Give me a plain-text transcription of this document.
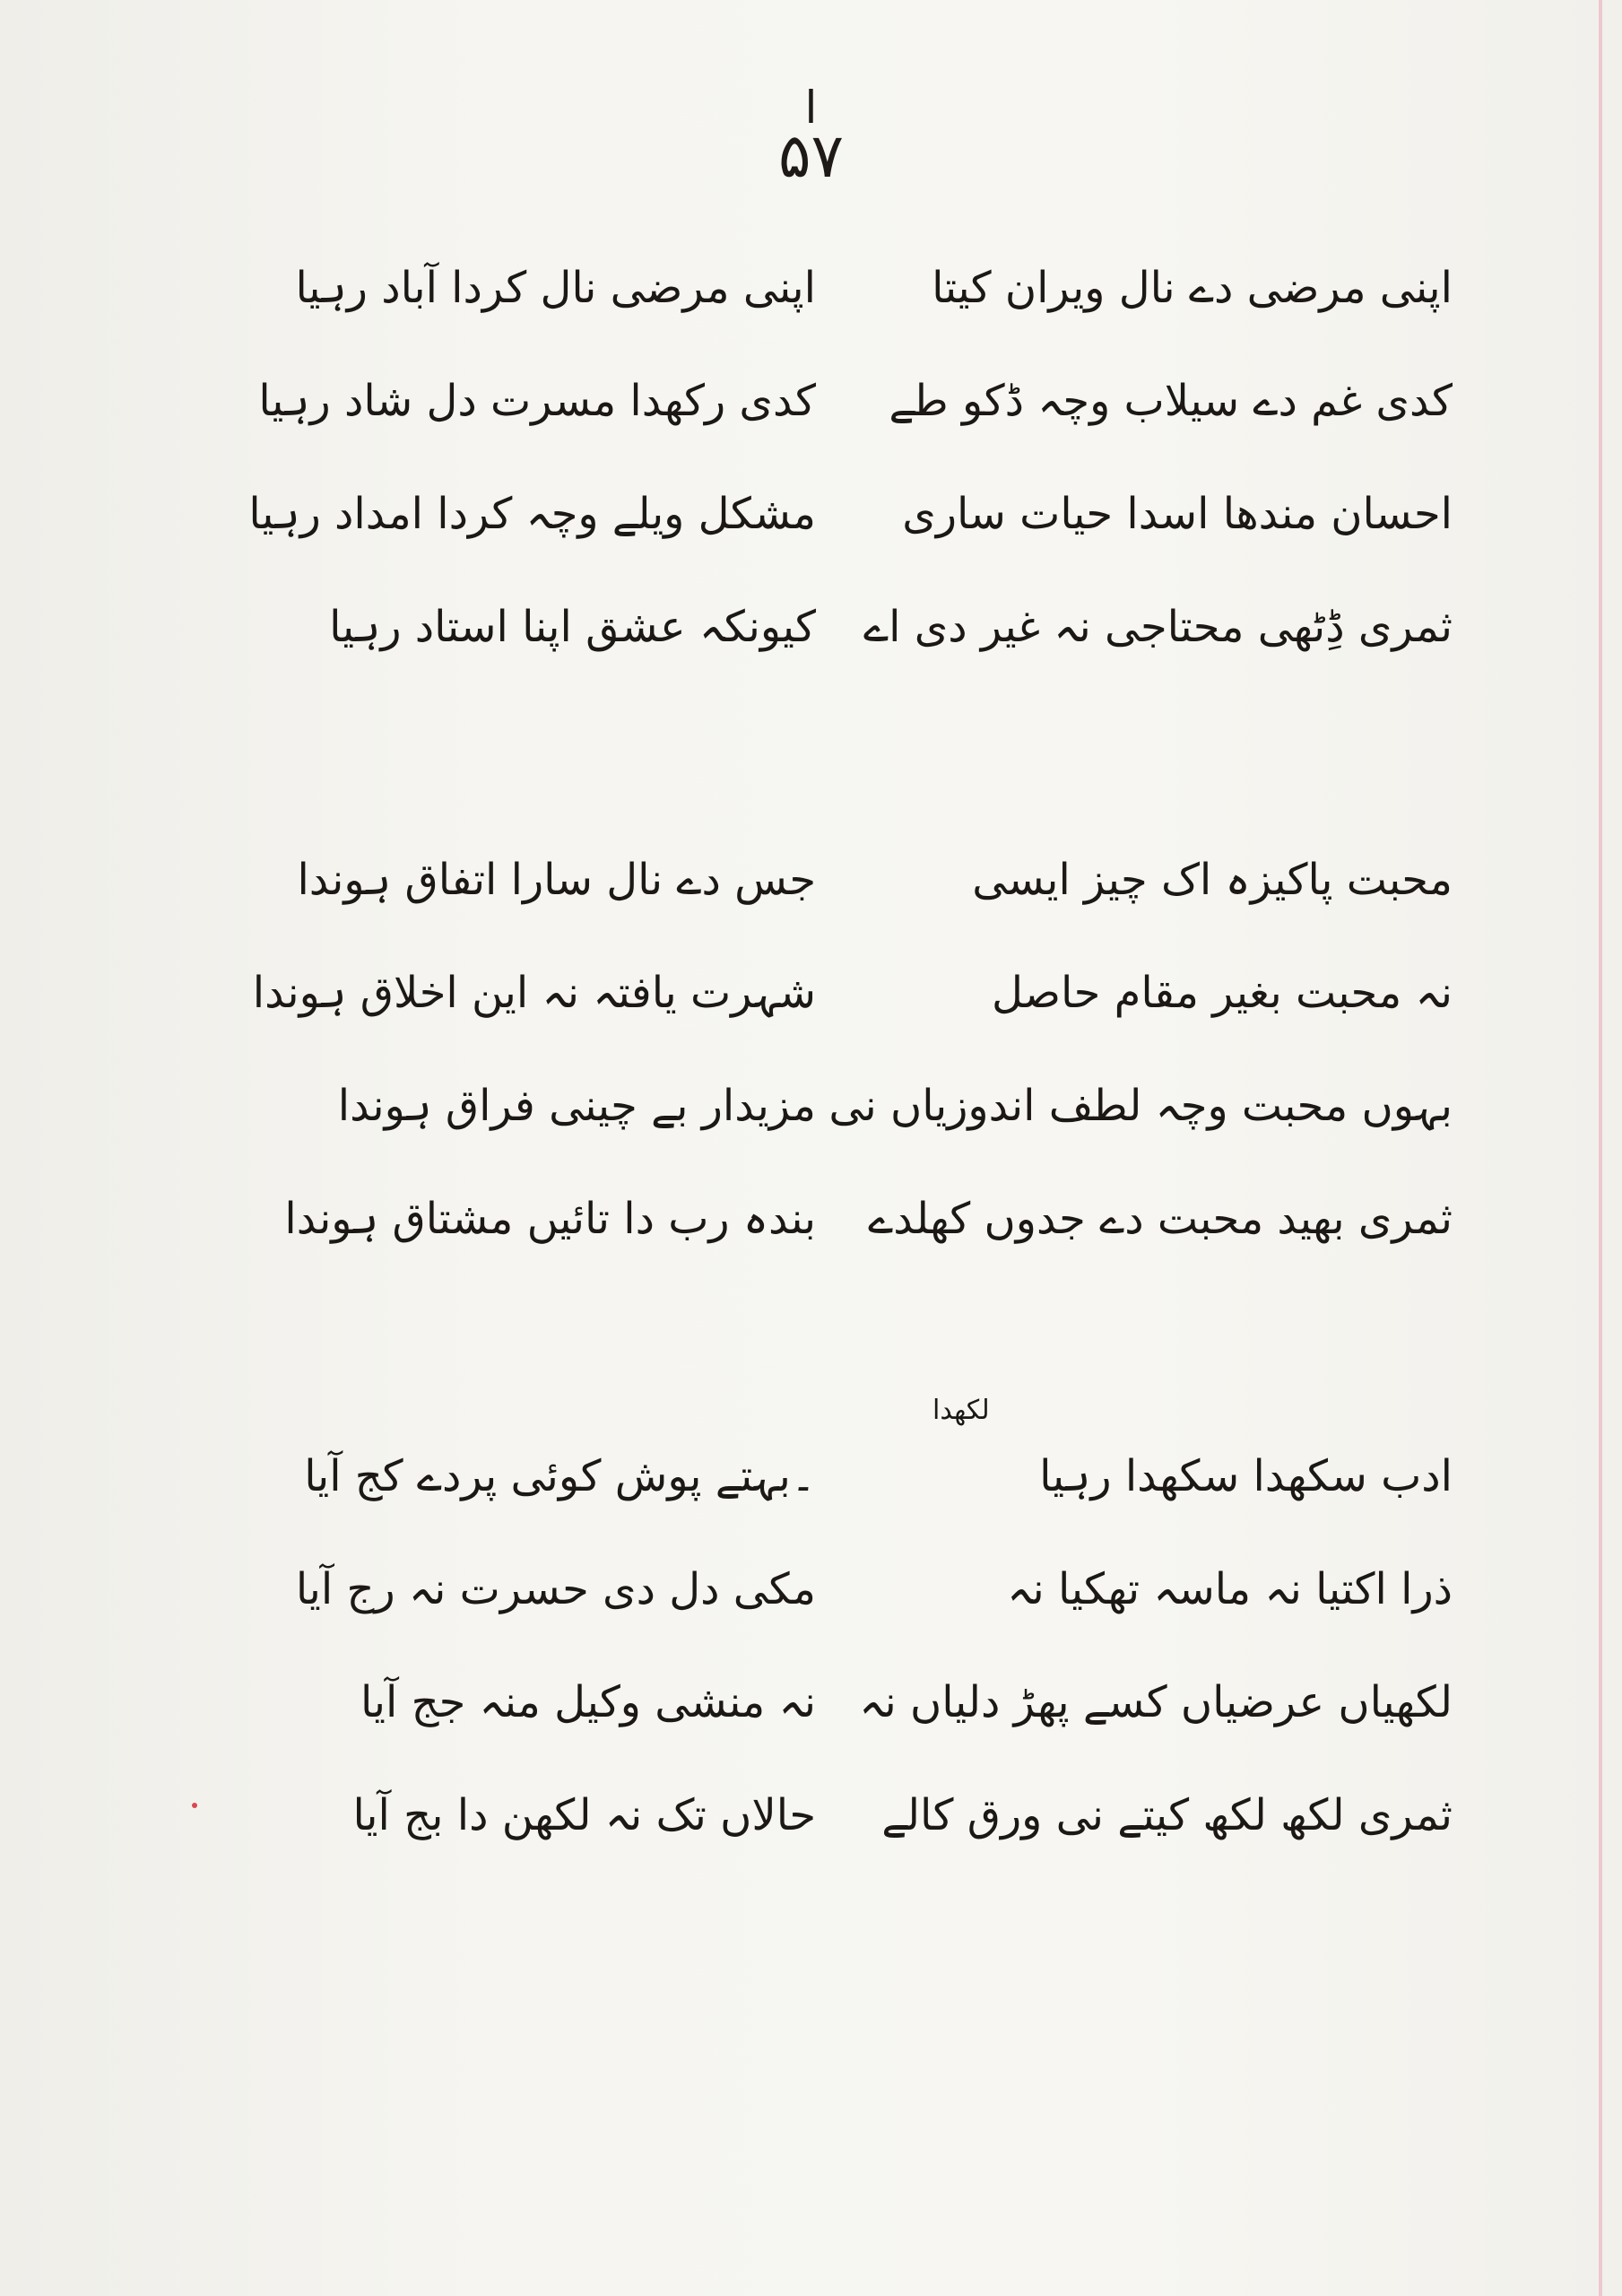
ا
۵۷
اپنی مرضی دے نال ویران کیتا
اپنی مرضی نال کردا آباد رہیا
کدی غم دے سیلاب وچہ ڈکو طے
کدی رکھدا مسرت دل شاد رہیا
احسان مندھا اسدا حیات ساری
مشکل ویلے وچہ کردا امداد رہیا
ثمری ڈِٹھی محتاجی نہ غیر دی اے
کیونکہ عشق اپنا استاد رہیا
محبت پاکیزہ اک چیز ایسی
جس دے نال سارا اتفاق ہوندا
نہ محبت بغیر مقام حاصل
شہرت یافتہ نہ این اخلاق ہوندا
بہوں محبت وچہ لطف اندوزیاں نی
مزیدار بے چینی فراق ہوندا
ثمری بھید محبت دے جدوں کھلدے
بندہ رب دا تائیں مشتاق ہوندا
لکھدا
ادب سکھدا سکھدا رہیا
۔بہتے پوش کوئی پردے کج آیا
ذرا اکتیا نہ ماسہ تھکیا نہ
مکی دل دی حسرت نہ رج آیا
لکھیاں عرضیاں کسے پھڑ دلیاں نہ
نہ منشی وکیل منہ جج آیا
ثمری لکھ لکھ کیتے نی ورق کالے
حالاں تک نہ لکھن دا بج آیا
